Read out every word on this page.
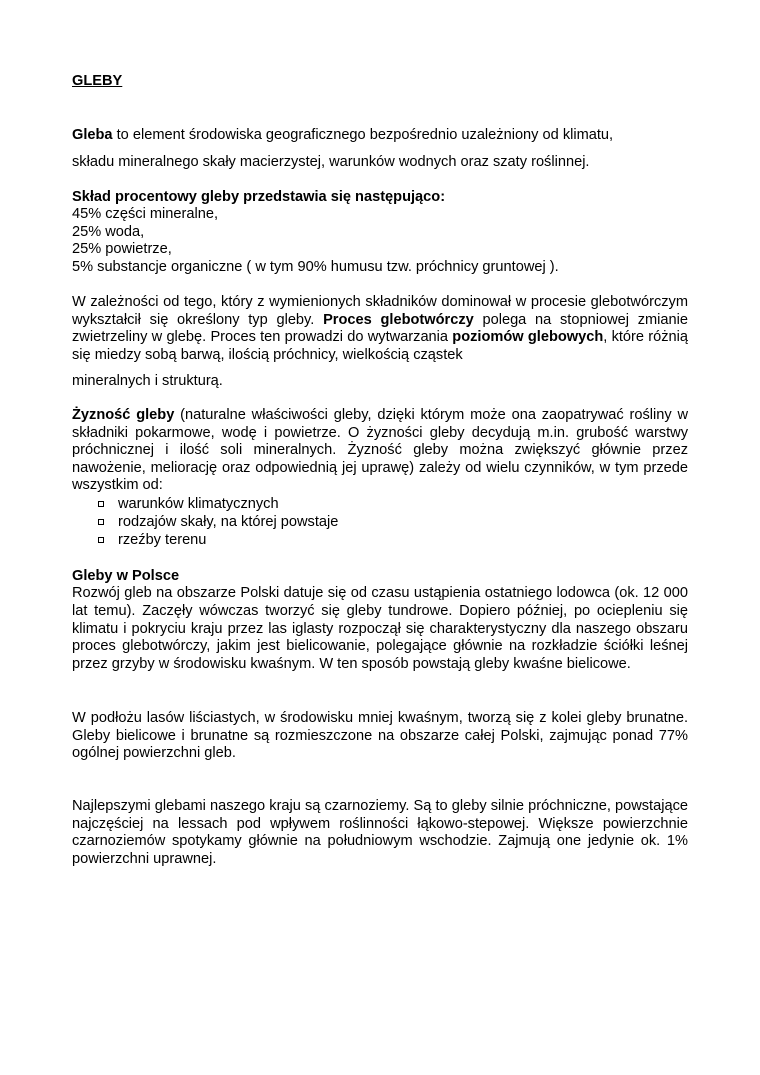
GLEBY

Gleba to element środowiska geograficznego bezpośrednio uzależniony od klimatu,

składu mineralnego skały macierzystej, warunków wodnych oraz szaty roślinnej.

Skład procentowy gleby przedstawia się następująco:

45% części mineralne,

25% woda,

25% powietrze,

5% substancje organiczne ( w tym 90% humusu tzw. próchnicy gruntowej ).

W zależności od tego, który z wymienionych składników dominował w procesie glebotwórczym wykształcił się określony typ gleby. Proces glebotwórczy polega na stopniowej zmianie zwietrzeliny w glebę. Proces ten prowadzi do wytwarzania poziomów glebowych, które różnią się miedzy sobą barwą, ilością próchnicy, wielkością cząstek

mineralnych i strukturą.

Żyzność gleby (naturalne właściwości gleby, dzięki którym może ona zaopatrywać rośliny w składniki pokarmowe, wodę i powietrze. O żyzności gleby decydują m.in. grubość warstwy próchnicznej i ilość soli mineralnych. Żyzność gleby można zwiększyć głównie przez nawożenie, meliorację oraz odpowiednią jej uprawę) zależy od wielu czynników, w tym przede wszystkim od:

warunków klimatycznych
rodzajów skały, na której powstaje
rzeźby terenu

Gleby w Polsce

Rozwój gleb na obszarze Polski datuje się od czasu ustąpienia ostatniego lodowca (ok. 12 000 lat temu). Zaczęły wówczas tworzyć się gleby tundrowe. Dopiero później, po ociepleniu się klimatu i pokryciu kraju przez las iglasty rozpoczął się charakterystyczny dla naszego obszaru proces glebotwórczy, jakim jest bielicowanie, polegające głównie na rozkładzie ściółki leśnej przez grzyby w środowisku kwaśnym. W ten sposób powstają gleby kwaśne bielicowe.

W podłożu lasów liściastych, w środowisku mniej kwaśnym, tworzą się z kolei gleby brunatne. Gleby bielicowe i brunatne są rozmieszczone na obszarze całej Polski, zajmując ponad 77% ogólnej powierzchni gleb.

Najlepszymi glebami naszego kraju są czarnoziemy. Są to gleby silnie próchniczne, powstające najczęściej na lessach pod wpływem roślinności łąkowo-stepowej. Większe powierzchnie czarnoziemów spotykamy głównie na południowym wschodzie. Zajmują one jedynie ok. 1% powierzchni uprawnej.
